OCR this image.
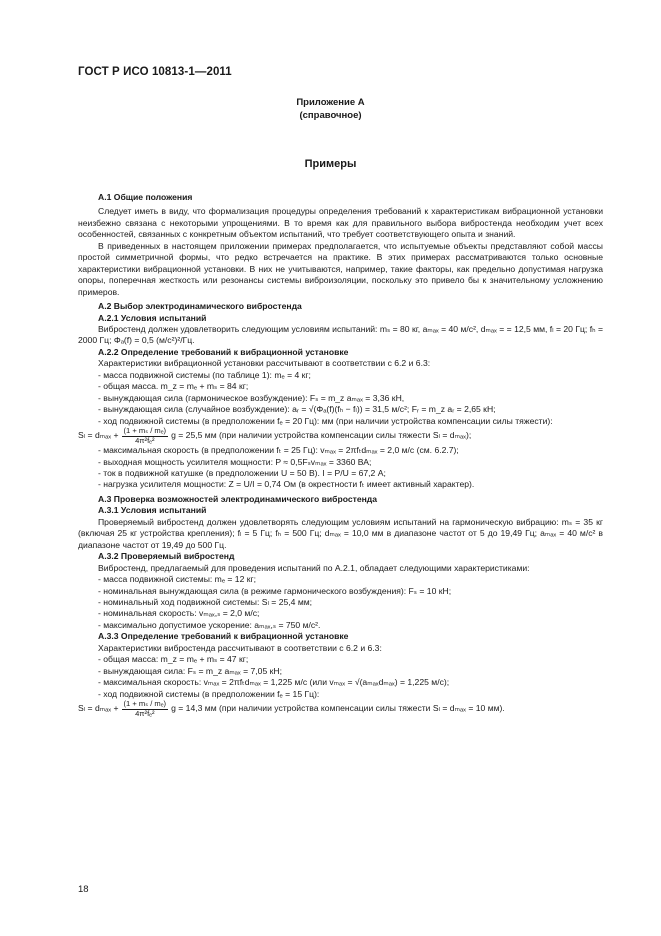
ГОСТ Р ИСО 10813-1—2011
Приложение А
(справочное)
Примеры

А.1 Общие положения

Следует иметь в виду, что формализация процедуры определения требований к характеристикам вибрационной установки неизбежно связана с некоторыми упрощениями. В то время как для правильного выбора вибростенда необходим учет всех особенностей, связанных с конкретным объектом испытаний, что требует соответствующего опыта и знаний.

В приведенных в настоящем приложении примерах предполагается, что испытуемые объекты представляют собой массы простой симметричной формы, что редко встречается на практике. В этих примерах рассматриваются только основные характеристики вибрационной установки. В них не учитываются, например, такие факторы, как предельно допустимая нагрузка опоры, поперечная жесткость или резонансы системы виброизоляции, поскольку это привело бы к значительному усложнению примеров.

А.2 Выбор электродинамического вибростенда

А.2.1 Условия испытаний

Вибростенд должен удовлетворить следующим условиям испытаний: mₛ = 80 кг, aₘₐₓ = 40 м/с², dₘₐₓ = = 12,5 мм, fₗ = 20 Гц; fₕ = 2000 Гц; Φₐ(f) = 0,5 (м/с²)²/Гц.

А.2.2 Определение требований к вибрационной установке

Характеристики вибрационной установки рассчитывают в соответствии с 6.2 и 6.3:

- масса подвижной системы (по таблице 1): mₑ = 4 кг;

- общая масса. m_z = mₑ + mₛ = 84 кг;

- вынуждающая сила (гармоническое возбуждение): Fₛ = m_z aₘₐₓ = 3,36 кН,

- вынуждающая сила (случайное возбуждение): aᵣ = √(Φₐ(f)(fₕ − fₗ)) = 31,5 м/с²; Fᵣ = m_z aᵣ = 2,65 кН;

- ход подвижной системы (в предположении fₑ = 20 Гц): мм (при наличии устройства компенсации силы тяжести):

$S_l = d_{max} + \frac{\text{(1 + mₛ / mₑ)}}{\text{4π²fₑ²}}$ g = 25,5 мм (при наличии устройства компенсации силы тяжести Sₗ = dₘₐₓ);

- максимальная скорость (в предположении fₜ = 25 Гц): vₘₐₓ = 2πfₜdₘₐₓ = 2,0 м/с (см. 6.2.7);

- выходная мощность усилителя мощности: P ≈ 0,5Fₛvₘₐₓ = 3360 ВА;

- ток в подвижной катушке (в предположении U = 50 В). I = P/U = 67,2 А;

- нагрузка усилителя мощности: Z = U/I = 0,74 Ом (в окрестности fₜ имеет активный характер).

А.3 Проверка возможностей электродинамического вибростенда

А.3.1 Условия испытаний

Проверяемый вибростенд должен удовлетворять следующим условиям испытаний на гармоническую вибрацию: mₛ = 35 кг (включая 25 кг устройства крепления); fₗ = 5 Гц; fₕ = 500 Гц; dₘₐₓ = 10,0 мм в диапазоне частот от 5 до 19,49 Гц; aₘₐₓ = 40 м/с² в диапазоне частот от 19,49 до 500 Гц.

А.3.2 Проверяемый вибростенд

Вибростенд, предлагаемый для проведения испытаний по А.2.1, обладает следующими характеристиками:

- масса подвижной системы: mₑ = 12 кг;

- номинальная вынуждающая сила (в режиме гармонического возбуждения): Fₛ = 10 кН;

- номинальный ход подвижной системы: Sₗ = 25,4 мм;

- номинальная скорость: vₘₐₓ,ₛ = 2,0 м/с;

- максимально допустимое ускорение: aₘₐₓ,ₛ = 750 м/с².

А.3.3 Определение требований к вибрационной установке

Характеристики вибростенда рассчитывают в соответствии с 6.2 и 6.3:

- общая масса: m_z = mₑ + mₛ = 47 кг;

- вынуждающая сила: Fₛ = m_z aₘₐₓ = 7,05 кН;

- максимальная скорость: vₘₐₓ = 2πfₜdₘₐₓ = 1,225 м/с (или vₘₐₓ = √(aₘₐₓdₘₐₓ) = 1,225 м/с);

- ход подвижной системы (в предположении fₑ = 15 Гц):

$S_l = d_{max} + \frac{\text{(1 + mₛ / mₑ)}}{\text{4π²fₑ²}}$ g = 14,3 мм (при наличии устройства компенсации силы тяжести Sₗ = dₘₐₓ = 10 мм).
18
